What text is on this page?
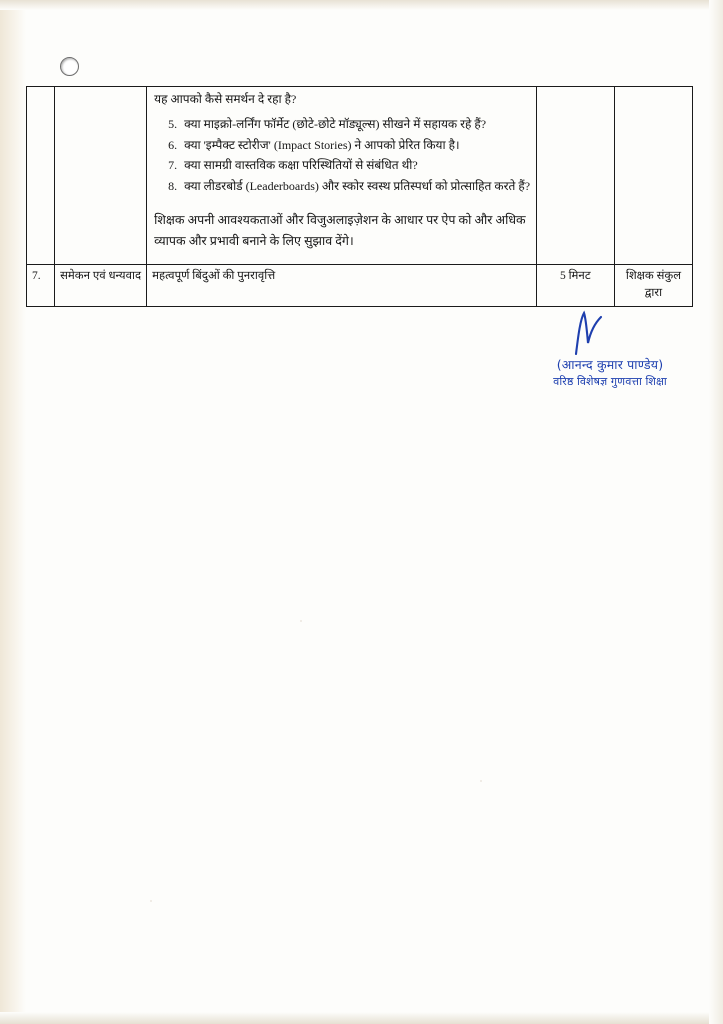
यह आपको कैसे समर्थन दे रहा है?

5. क्या माइक्रो-लर्निंग फॉर्मेट (छोटे-छोटे मॉड्यूल्स) सीखने में सहायक रहे हैं?
6. क्या 'इम्पैक्ट स्टोरीज' (Impact Stories) ने आपको प्रेरित किया है।
7. क्या सामग्री वास्तविक कक्षा परिस्थितियों से संबंधित थी?
8. क्या लीडरबोर्ड (Leaderboards) और स्कोर स्वस्थ प्रतिस्पर्धा को प्रोत्साहित करते हैं?

शिक्षक अपनी आवश्यकताओं और विजुअलाइज़ेशन के आधार पर ऐप को और अधिक व्यापक और प्रभावी बनाने के लिए सुझाव देंगे।

7.	समेकन एवं धन्यवाद	महत्वपूर्ण बिंदुओं की पुनरावृत्ति	5 मिनट	शिक्षक संकुल द्वारा
(आनन्द कुमार पाण्डेय)
वरिष्ठ विशेषज्ञ गुणवत्ता शिक्षा
